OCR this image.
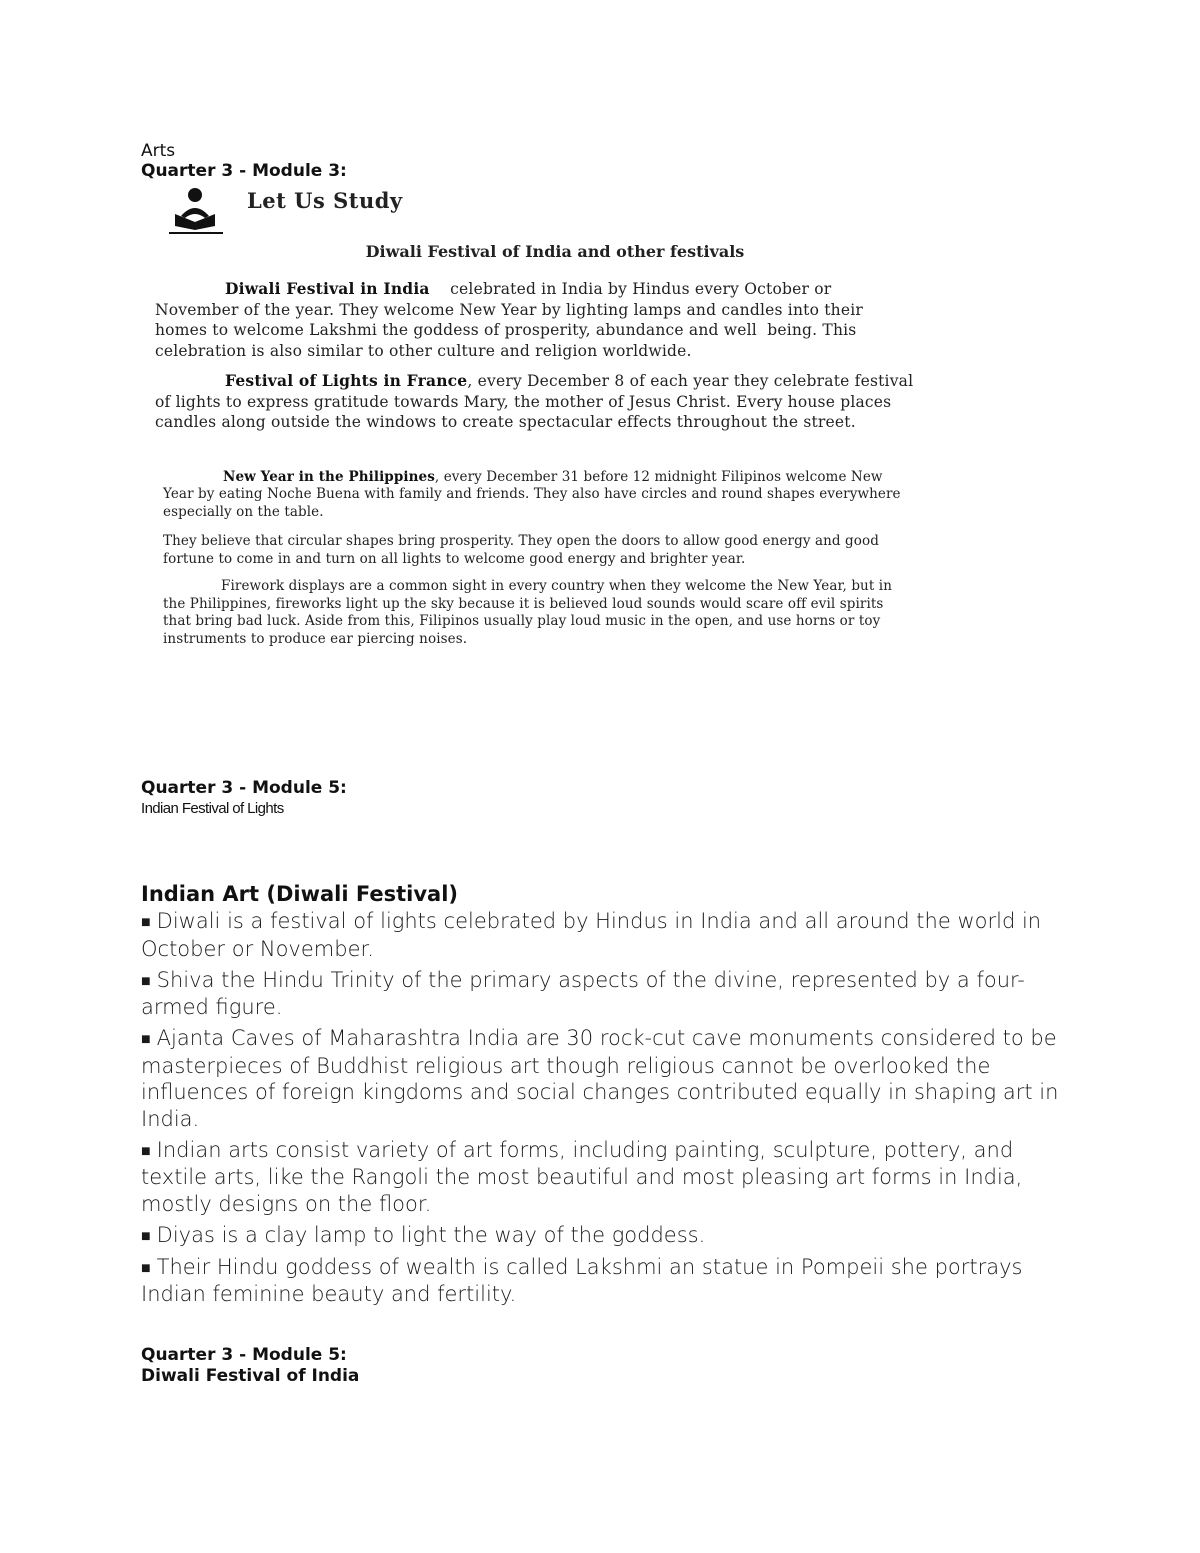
Arts
Quarter 3 - Module 3:
Let Us Study
Diwali Festival of India and other festivals

Diwali Festival in India    celebrated in India by Hindus every October or November of the year. They welcome New Year by lighting lamps and candles into their homes to welcome Lakshmi the goddess of prosperity, abundance and well  being. This celebration is also similar to other culture and religion worldwide.

Festival of Lights in France, every December 8 of each year they celebrate festival of lights to express gratitude towards Mary, the mother of Jesus Christ. Every house places candles along outside the windows to create spectacular effects throughout the street.

New Year in the Philippines, every December 31 before 12 midnight Filipinos welcome New Year by eating Noche Buena with family and friends. They also have circles and round shapes everywhere especially on the table.

They believe that circular shapes bring prosperity. They open the doors to allow good energy and good fortune to come in and turn on all lights to welcome good energy and brighter year.

Firework displays are a common sight in every country when they welcome the New Year, but in the Philippines, fireworks light up the sky because it is believed loud sounds would scare off evil spirits that bring bad luck. Aside from this, Filipinos usually play loud music in the open, and use horns or toy instruments to produce ear piercing noises.

Quarter 3 - Module 5:
Indian Festival of Lights
Indian Art (Diwali Festival)
■ Diwali is a festival of lights celebrated by Hindus in India and all around the world in October or November.
■ Shiva the Hindu Trinity of the primary aspects of the divine, represented by a four-armed figure.
■ Ajanta Caves of Maharashtra India are 30 rock-cut cave monuments considered to be masterpieces of Buddhist religious art though religious cannot be overlooked the influences of foreign kingdoms and social changes contributed equally in shaping art in India.
■ Indian arts consist variety of art forms, including painting, sculpture, pottery, and textile arts, like the Rangoli the most beautiful and most pleasing art forms in India, mostly designs on the floor.
■ Diyas is a clay lamp to light the way of the goddess.
■ Their Hindu goddess of wealth is called Lakshmi an statue in Pompeii she portrays Indian feminine beauty and fertility.
Quarter 3 - Module 5:
Diwali Festival of India
